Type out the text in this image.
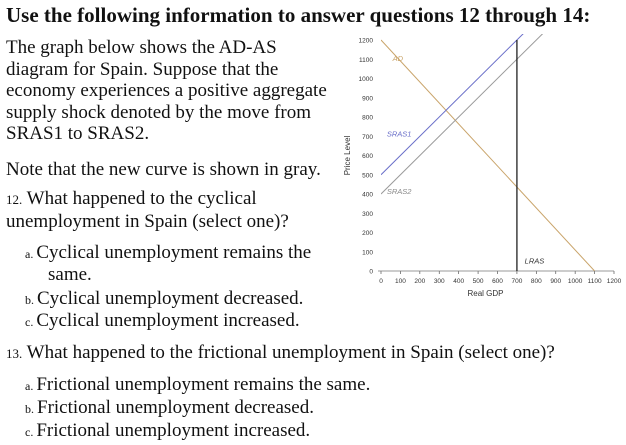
Use the following information to answer questions 12 through 14:
The graph below shows the AD-AS
diagram for Spain. Suppose that the
economy experiences a positive aggregate
supply shock denoted by the move from
SRAS1 to SRAS2.
Note that the new curve is shown in gray.
12. What happened to the cyclical
unemployment in Spain (select one)?
a. Cyclical unemployment remains the
same.
b. Cyclical unemployment decreased.
c. Cyclical unemployment increased.
0
100
200
300
400
500
600
700
800
900
1000
1100
1200
0 100 200 300 400 500 600 700 800 900 1000 1100 1200
Price Level
Real GDP
AD
SRAS1
SRAS2
LRAS
13. What happened to the frictional unemployment in Spain (select one)?
a. Frictional unemployment remains the same.
b. Frictional unemployment decreased.
c. Frictional unemployment increased.
